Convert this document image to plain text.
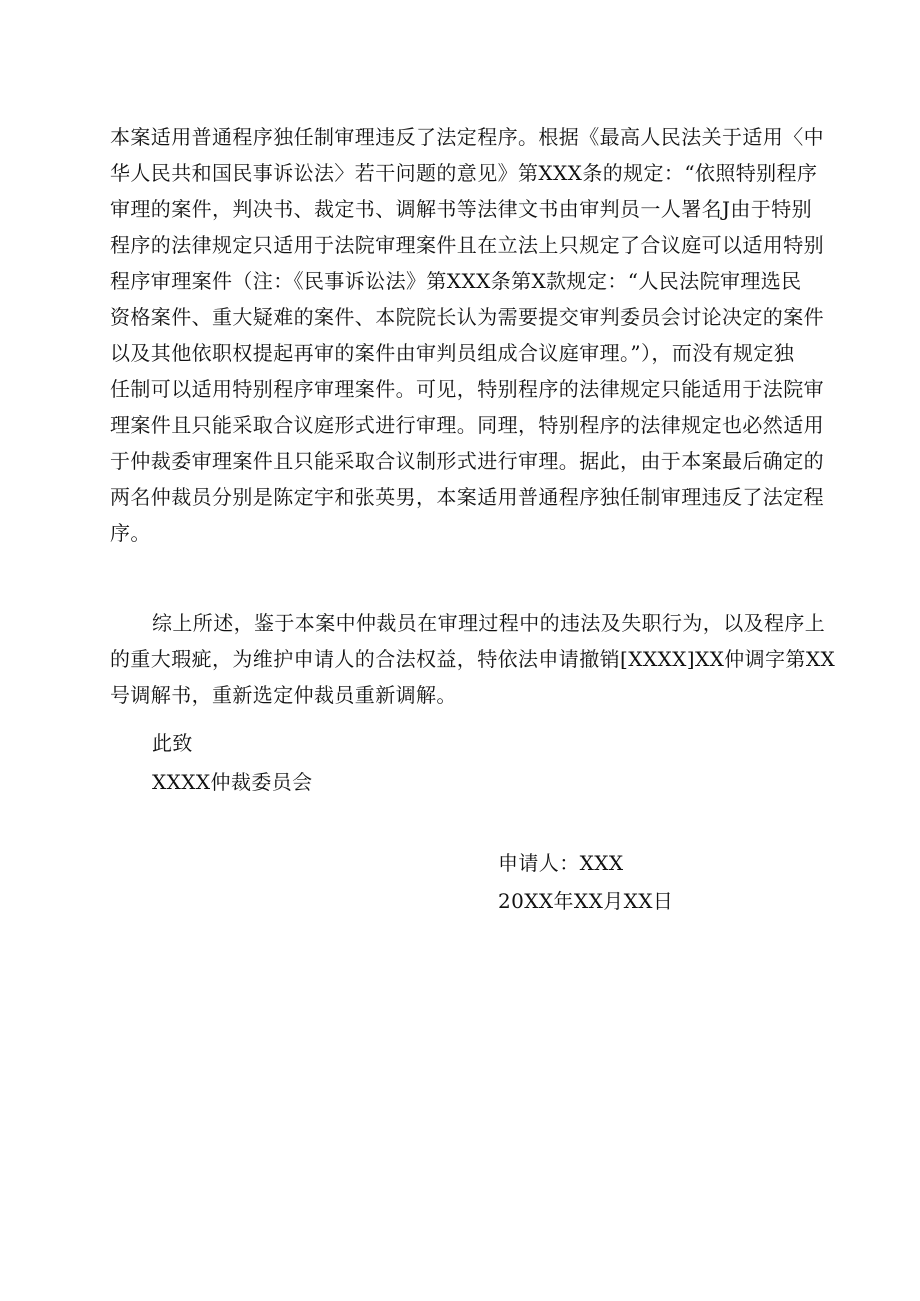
本案适用普通程序独任制审理违反了法定程序。根据《最高人民法关于适用〈中
华人民共和国民事诉讼法〉若干问题的意见》第XXX条的规定：“依照特别程序
审理的案件，判决书、裁定书、调解书等法律文书由审判员一人署名J由于特别
程序的法律规定只适用于法院审理案件且在立法上只规定了合议庭可以适用特别
程序审理案件（注：《民事诉讼法》第XXX条第X款规定：“人民法院审理选民
资格案件、重大疑难的案件、本院院长认为需要提交审判委员会讨论决定的案件
以及其他依职权提起再审的案件由审判员组成合议庭审理。”），而没有规定独
任制可以适用特别程序审理案件。可见，特别程序的法律规定只能适用于法院审
理案件且只能采取合议庭形式进行审理。同理，特别程序的法律规定也必然适用
于仲裁委审理案件且只能采取合议制形式进行审理。据此，由于本案最后确定的
两名仲裁员分别是陈定宇和张英男，本案适用普通程序独任制审理违反了法定程
序。
综上所述，鉴于本案中仲裁员在审理过程中的违法及失职行为，以及程序上
的重大瑕疵，为维护申请人的合法权益，特依法申请撤销[XXXX]XX仲调字第XX
号调解书，重新选定仲裁员重新调解。
此致
XXXX仲裁委员会
申请人：XXX
20XX年XX月XX日
